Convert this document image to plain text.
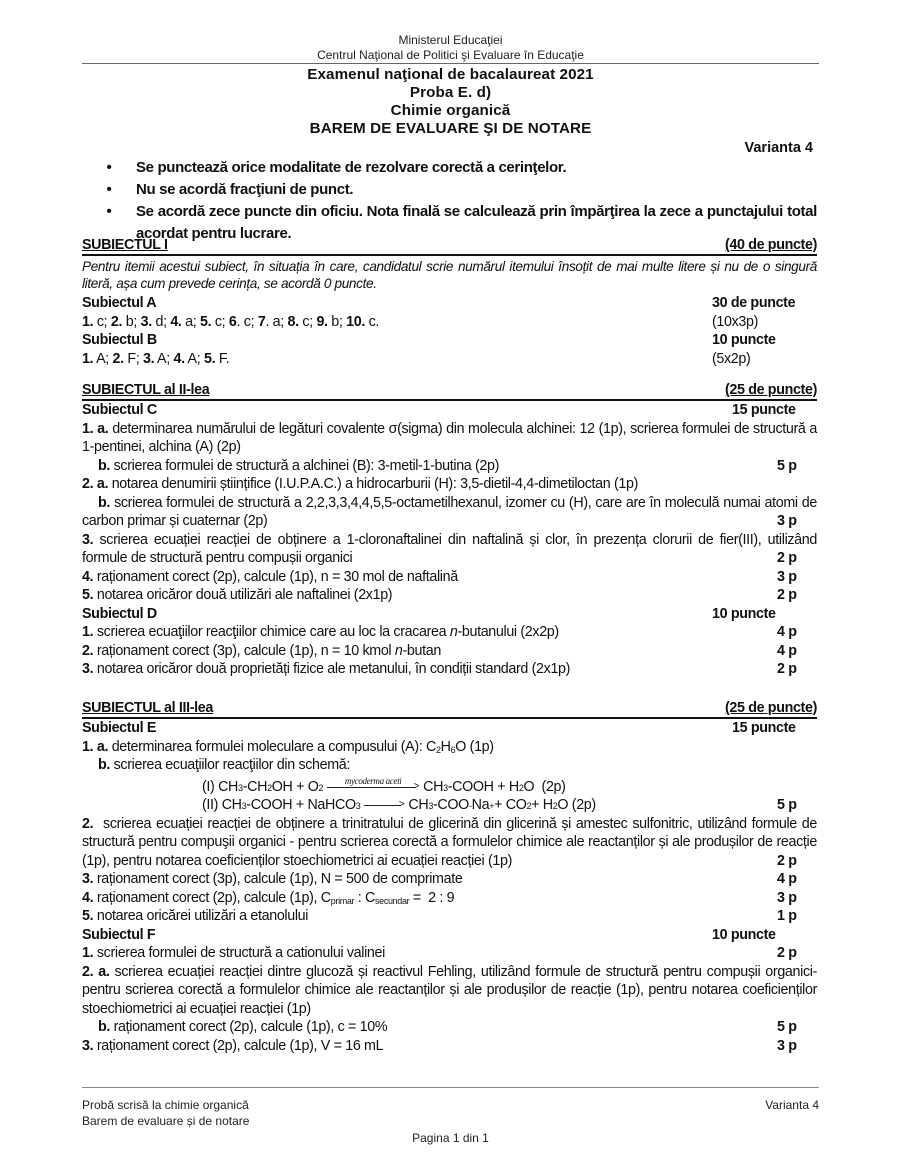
Ministerul Educaţiei
Centrul Naţional de Politici şi Evaluare în Educaţie
Examenul naţional de bacalaureat 2021
Proba E. d)
Chimie organică
BAREM DE EVALUARE ŞI DE NOTARE
Varianta 4
•	Se punctează orice modalitate de rezolvare corectă a cerinţelor.
•	Nu se acordă fracţiuni de punct.
•	Se acordă zece puncte din oficiu. Nota finală se calculează prin împărţirea la zece a punctajului total acordat pentru lucrare.
SUBIECTUL I	(40 de puncte)
Pentru itemii acestui subiect, în situația în care, candidatul scrie numărul itemului însoțit de mai multe litere și nu de o singură literă, așa cum prevede cerința, se acordă 0 puncte.
Subiectul A	30 de puncte
1. c; 2. b; 3. d; 4. a; 5. c; 6. c; 7. a; 8. c; 9. b; 10. c.	(10x3p)
Subiectul B	10 puncte
1. A; 2. F; 3. A; 4. A; 5. F.	(5x2p)
SUBIECTUL al II-lea	(25 de puncte)
Subiectul C	15 puncte
1. a. determinarea numărului de legături covalente σ(sigma) din molecula alchinei: 12 (1p), scrierea formulei de structură a 1-pentinei, alchina (A) (2p)
b. scrierea formulei de structură a alchinei (B): 3-metil-1-butina (2p)	5 p
2. a. notarea denumirii științifice (I.U.P.A.C.) a hidrocarburii (H): 3,5-dietil-4,4-dimetiloctan (1p)
b. scrierea formulei de structură a 2,2,3,3,4,4,5,5-octametilhexanul, izomer cu (H), care are în moleculă numai atomi de carbon primar și cuaternar (2p)	3 p
3. scrierea ecuației reacției de obținere a 1-cloronaftalinei din naftalină și clor, în prezența clorurii de fier(III), utilizând formule de structură pentru compușii organici	2 p
4. raționament corect (2p), calcule (1p), n = 30 mol de naftalină	3 p
5. notarea oricăror două utilizări ale naftalinei (2x1p)	2 p
Subiectul D	10 puncte
1. scrierea ecuaţiilor reacţiilor chimice care au loc la cracarea n-butanului (2x2p)	4 p
2. raționament corect (3p), calcule (1p), n = 10 kmol n-butan	4 p
3. notarea oricăror două proprietăți fizice ale metanului, în condiții standard (2x1p)	2 p
SUBIECTUL al III-lea	(25 de puncte)
Subiectul E	15 puncte
1. a. determinarea formulei moleculare a compusului (A): $C_2H_6O$ (1p)
b. scrierea ecuaţiilor reacţiilor din schemă:
(I) CH 3 -CH 2 OH + O 2
mycoderma aceti	> CH 3 -COOH + H 2 O  (2p)
(II) CH 3 -COOH + NaHCO 3	> CH 3 -COO - Na + + CO 2 + H 2 O (2p)	5 p
2.  scrierea ecuației reacției de obținere a trinitratului de glicerină din glicerină și amestec sulfonitric, utilizând formule de structură pentru compuşii organici - pentru scrierea corectă a formulelor chimice ale reactanților și ale produșilor de reacție (1p), pentru notarea coeficienților stoechiometrici ai ecuației reacției (1p)	2 p
3. raționament corect (3p), calcule (1p), N = 500 de comprimate	4 p
4. raționament corect (2p), calcule (1p), $C_{primar}$ : $C_{secundar} = 2$ : 9	3 p
5. notarea oricărei utilizări a etanolului	1 p
Subiectul F	10 puncte
1. scrierea formulei de structură a cationului valinei	2 p
2. a. scrierea ecuației reacției dintre glucoză și reactivul Fehling, utilizând formule de structură pentru compușii organici- pentru scrierea corectă a formulelor chimice ale reactanților și ale produșilor de reacție (1p), pentru notarea coeficienților stoechiometrici ai ecuației reacției (1p)
b. raționament corect (2p), calcule (1p), c = 10%	5 p
3. raționament corect (2p), calcule (1p), V = 16 mL	3 p
Probă scrisă la chimie organică
Barem de evaluare și de notare
Varianta 4
Pagina 1 din 1
